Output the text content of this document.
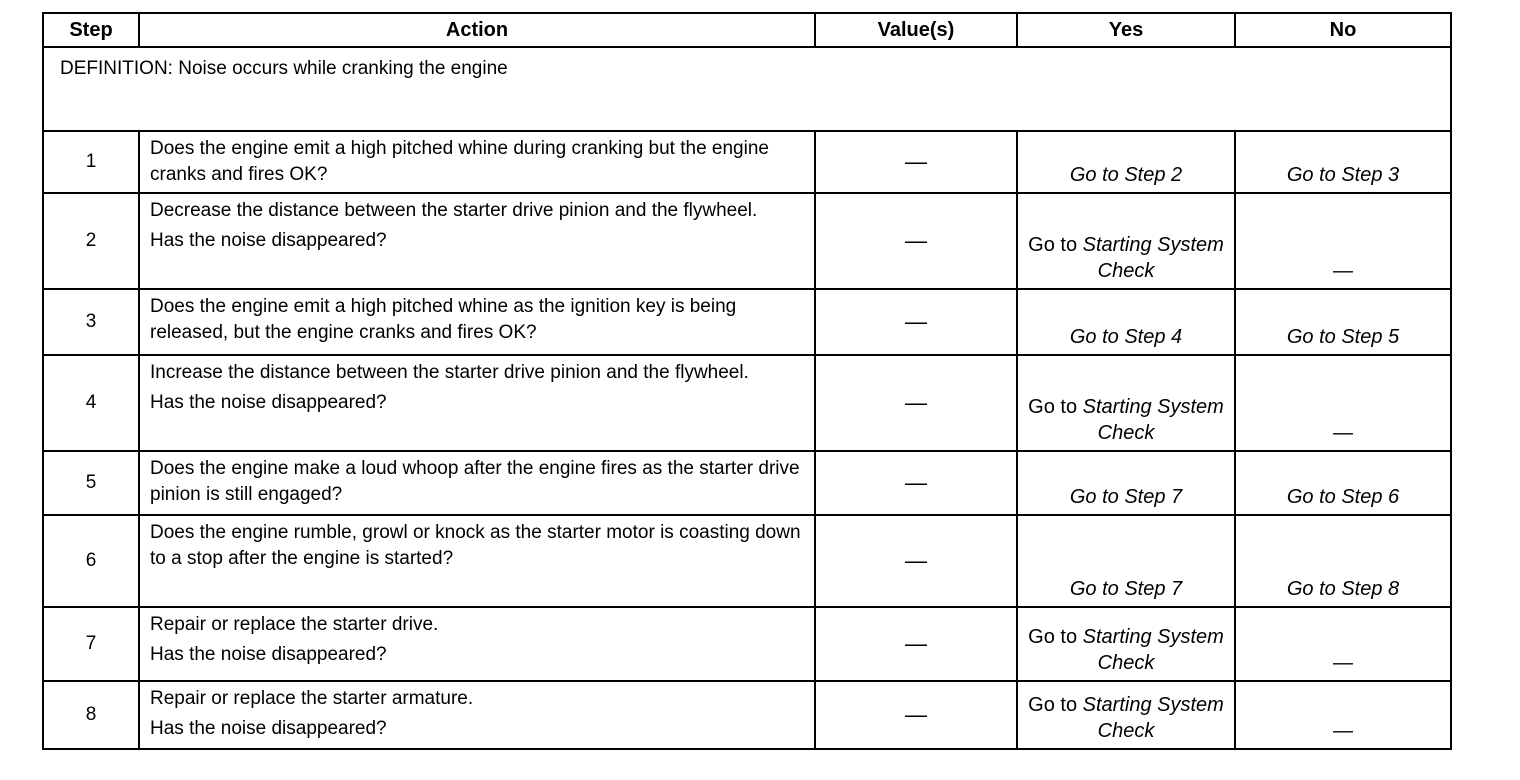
Step	Action	Value(s)	Yes	No
DEFINITION: Noise occurs while cranking the engine				
1	Does the engine emit a high pitched whine during cranking but the engine cranks and fires OK?	—	Go to Step 2	Go to Step 3
2	Decrease the distance between the starter drive pinion and the flywheel.
Has the noise disappeared?	—	Go to Starting System Check	—
3	Does the engine emit a high pitched whine as the ignition key is being released, but the engine cranks and fires OK?	—	Go to Step 4	Go to Step 5
4	Increase the distance between the starter drive pinion and the flywheel.
Has the noise disappeared?	—	Go to Starting System Check	—
5	Does the engine make a loud whoop after the engine fires as the starter drive pinion is still engaged?	—	Go to Step 7	Go to Step 6
6	Does the engine rumble, growl or knock as the starter motor is coasting down to a stop after the engine is started?	—	Go to Step 7	Go to Step 8
7	Repair or replace the starter drive.
Has the noise disappeared?	—	Go to Starting System Check	—
8	Repair or replace the starter armature.
Has the noise disappeared?	—	Go to Starting System Check	—
